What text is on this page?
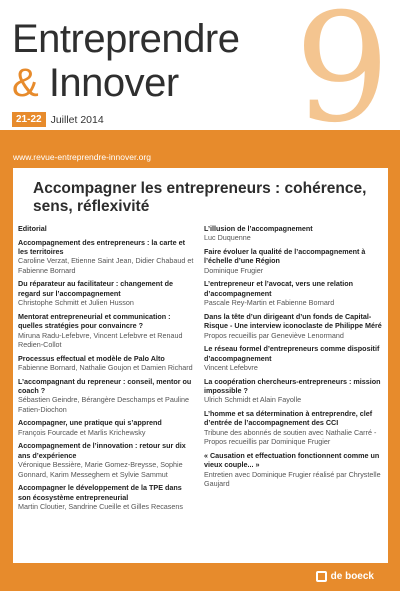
9
Entreprendre
& Innover
21-22 Juillet 2014
www.revue-entreprendre-innover.org
Accompagner les entrepreneurs : cohérence, sens, réflexivité
Editorial
Accompagnement des entrepreneurs : la carte et les territoires
Caroline Verzat, Etienne Saint Jean, Didier Chabaud et Fabienne Bornard
Du réparateur au facilitateur : changement de regard sur l’accompagnement
Christophe Schmitt et Julien Husson
Mentorat entrepreneurial et communication : quelles stratégies pour convaincre ?
Miruna Radu-Lefebvre, Vincent Lefebvre et Renaud Redien-Collot
Processus effectual et modèle de Palo Alto
Fabienne Bornard, Nathalie Goujon et Damien Richard
L’accompagnant du repreneur : conseil, mentor ou coach ?
Sébastien Geindre, Bérangère Deschamps et Pauline Fatien-Diochon
Accompagner, une pratique qui s’apprend
François Fourcade et Marlis Krichewsky
Accompagnement de l’innovation : retour sur dix ans d’expérience
Véronique Bessière, Marie Gomez-Breysse, Sophie Gonnard, Karim Messeghem et Sylvie Sammut
Accompagner le développement de la TPE dans son écosystème entrepreneurial
Martin Cloutier, Sandrine Cueille et Gilles Recasens
L’illusion de l’accompagnement
Luc Duquenne
Faire évoluer la qualité de l’accompagnement à l’échelle d’une Région
Dominique Frugier
L’entrepreneur et l’avocat, vers une relation d’accompagnement
Pascale Rey-Martin et Fabienne Bornard
Dans la tête d’un dirigeant d’un fonds de Capital-Risque - Une interview iconoclaste de Philippe Méré
Propos recueillis par Geneviève Lenormand
Le réseau formel d’entrepreneurs comme dispositif d’accompagnement
Vincent Lefebvre
La coopération chercheurs-entrepreneurs : mission impossible ?
Ulrich Schmidt et Alain Fayolle
L’homme et sa détermination à entreprendre, clef d’entrée de l’accompagnement des CCI
Tribune des abonnés de soutien avec Nathalie Carré - Propos recueillis par Dominique Frugier
« Causation et effectuation fonctionnent comme un vieux couple... »
Entretien avec Dominique Frugier réalisé par Chrystelle Gaujard
de boeck
